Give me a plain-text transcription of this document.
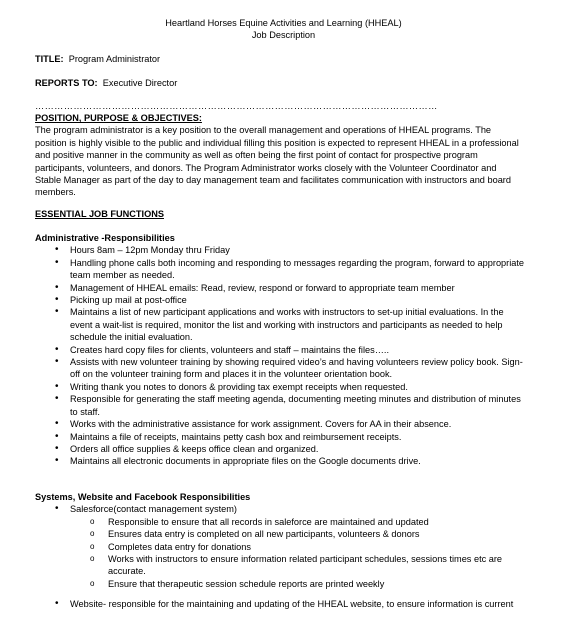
Heartland Horses Equine Activities and Learning (HHEAL)
Job Description
TITLE: Program Administrator
REPORTS TO: Executive Director
………………………………………………………………………………………………………………
POSITION, PURPOSE & OBJECTIVES:
The program administrator is a key position to the overall management and operations of HHEAL programs. The position is highly visible to the public and individual filling this position is expected to represent HHEAL in a professional and positive manner in the community as well as often being the first point of contact for prospective program participants, volunteers, and donors. The Program Administrator works closely with the Volunteer Coordinator and Stable Manager as part of the day to day management team and facilitates communication with instructors and board members.
ESSENTIAL JOB FUNCTIONS
Administrative -Responsibilities
• Hours 8am – 12pm Monday thru Friday
• Handling phone calls both incoming and responding to messages regarding the program, forward to appropriate team member as needed.
• Management of HHEAL emails: Read, review, respond or forward to appropriate team member
• Picking up mail at post-office
• Maintains a list of new participant applications and works with instructors to set-up initial evaluations. In the event a wait-list is required, monitor the list and working with instructors and participants as needed to help schedule the initial evaluation.
• Creates hard copy files for clients, volunteers and staff – maintains the files…..
• Assists with new volunteer training by showing required video’s and having volunteers review policy book. Sign-off on the volunteer training form and places it in the volunteer orientation book.
• Writing thank you notes to donors & providing tax exempt receipts when requested.
• Responsible for generating the staff meeting agenda, documenting meeting minutes and distribution of minutes to staff.
• Works with the administrative assistance for work assignment. Covers for AA in their absence.
• Maintains a file of receipts, maintains petty cash box and reimbursement receipts.
• Orders all office supplies & keeps office clean and organized.
• Maintains all electronic documents in appropriate files on the Google documents drive.
Systems, Website and Facebook Responsibilities
• Salesforce(contact management system)
o Responsible to ensure that all records in saleforce are maintained and updated
o Ensures data entry is completed on all new participants, volunteers & donors
o Completes data entry for donations
o Works with instructors to ensure information related participant schedules, sessions times etc are accurate.
o Ensure that therapeutic session schedule reports are printed weekly
• Website- responsible for the maintaining and updating of the HHEAL website, to ensure information is current
